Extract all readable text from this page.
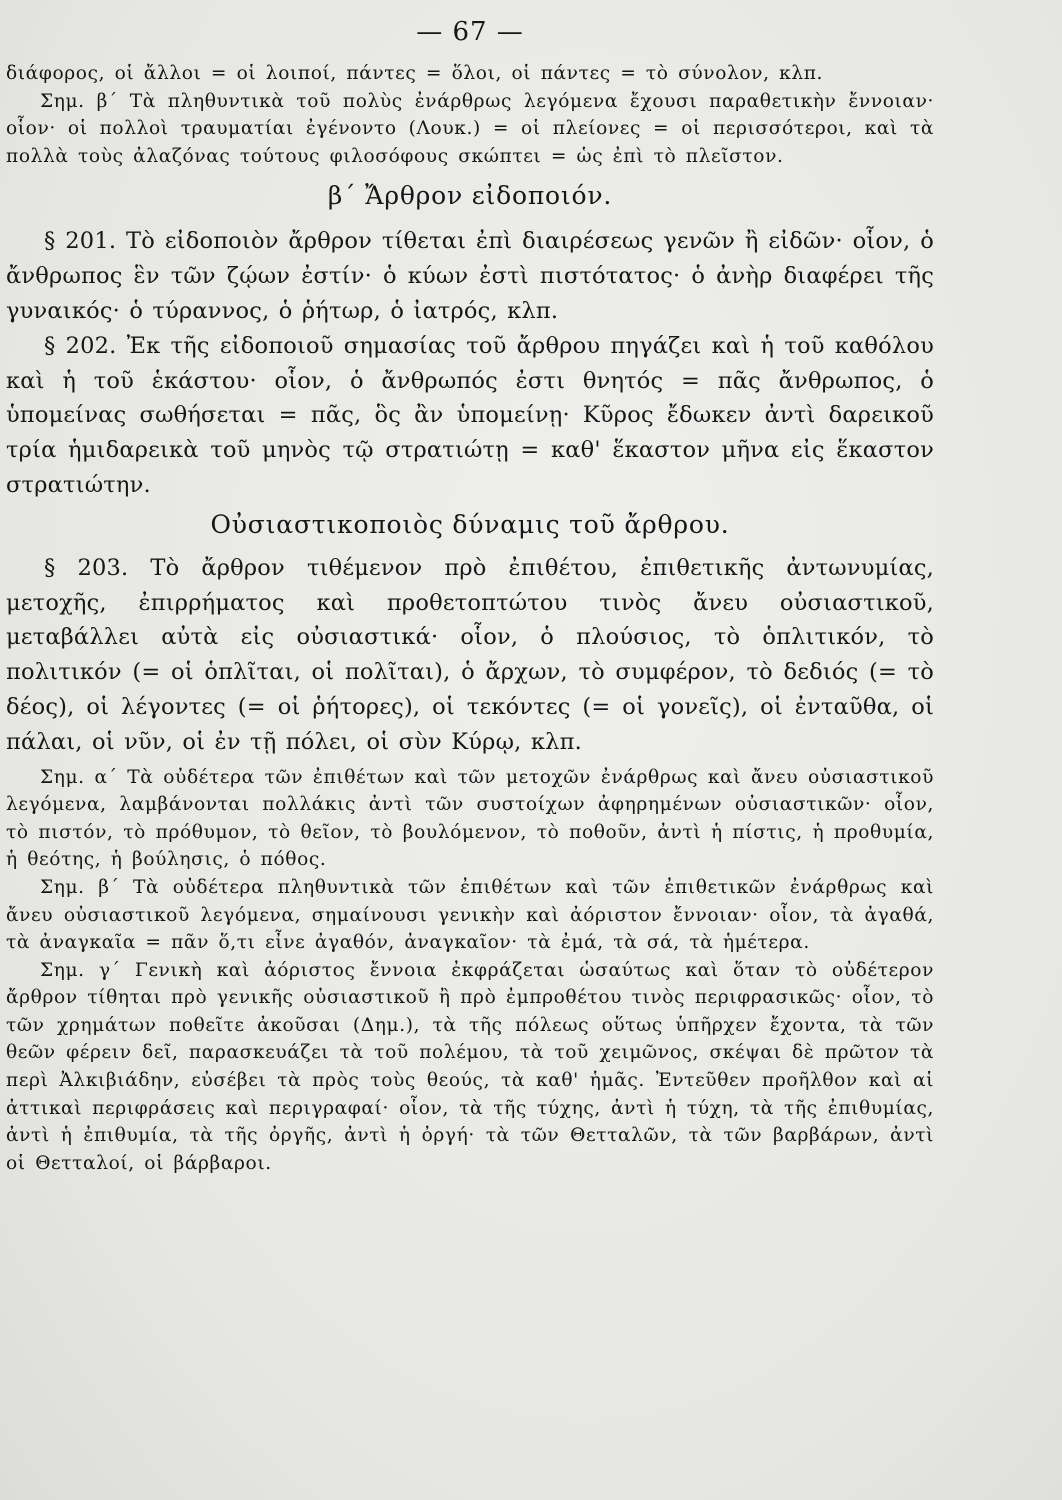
— 67 —

διάφορος, οἱ ἄλλοι = οἱ λοιποί, πάντες = ὅλοι, οἱ πάντες = τὸ σύνολον, κλπ.

Σημ. β´ Τὰ πληθυντικὰ τοῦ πολὺς ἐνάρθρως λεγόμενα ἔχουσι παραθετικὴν ἔννοιαν· οἷον· οἱ πολλοὶ τραυματίαι ἐγένοντο (Λουκ.) = οἱ πλείονες = οἱ περισσότεροι, καὶ τὰ πολλὰ τοὺς ἀλαζόνας τούτους φιλοσόφους σκώπτει = ὡς ἐπὶ τὸ πλεῖστον.

β´ Ἄρθρον εἰδοποιόν.

§ 201. Τὸ εἰδοποιὸν ἄρθρον τίθεται ἐπὶ διαιρέσεως γενῶν ἢ εἰδῶν· οἷον, ὁ ἄνθρωπος ἓν τῶν ζῴων ἐστίν· ὁ κύων ἐστὶ πιστότατος· ὁ ἀνὴρ διαφέρει τῆς γυναικός· ὁ τύραννος, ὁ ῥήτωρ, ὁ ἰατρός, κλπ.

§ 202. Ἐκ τῆς εἰδοποιοῦ σημασίας τοῦ ἄρθρου πηγάζει καὶ ἡ τοῦ καθόλου καὶ ἡ τοῦ ἑκάστου· οἷον, ὁ ἄνθρωπός ἐστι θνητός = πᾶς ἄνθρωπος, ὁ ὑπομείνας σωθήσεται = πᾶς, ὃς ἂν ὑπομείνῃ· Κῦρος ἔδωκεν ἀντὶ δαρεικοῦ τρία ἡμιδαρεικὰ τοῦ μηνὸς τῷ στρατιώτῃ = καθ' ἕκαστον μῆνα εἰς ἕκαστον στρατιώτην.

Οὐσιαστικοποιὸς δύναμις τοῦ ἄρθρου.

§ 203. Τὸ ἄρθρον τιθέμενον πρὸ ἐπιθέτου, ἐπιθετικῆς ἀντωνυμίας, μετοχῆς, ἐπιρρήματος καὶ προθετοπτώτου τινὸς ἄνευ οὐσιαστικοῦ, μεταβάλλει αὐτὰ εἰς οὐσιαστικά· οἷον, ὁ πλούσιος, τὸ ὁπλιτικόν, τὸ πολιτικόν (= οἱ ὁπλῖται, οἱ πολῖται), ὁ ἄρχων, τὸ συμφέρον, τὸ δεδιός (= τὸ δέος), οἱ λέγοντες (= οἱ ῥήτορες), οἱ τεκόντες (= οἱ γονεῖς), οἱ ἐνταῦθα, οἱ πάλαι, οἱ νῦν, οἱ ἐν τῇ πόλει, οἱ σὺν Κύρῳ, κλπ.

Σημ. α´ Τὰ οὐδέτερα τῶν ἐπιθέτων καὶ τῶν μετοχῶν ἐνάρθρως καὶ ἄνευ οὐσιαστικοῦ λεγόμενα, λαμβάνονται πολλάκις ἀντὶ τῶν συστοίχων ἀφηρημένων οὐσιαστικῶν· οἷον, τὸ πιστόν, τὸ πρόθυμον, τὸ θεῖον, τὸ βουλόμενον, τὸ ποθοῦν, ἀντὶ ἡ πίστις, ἡ προθυμία, ἡ θεότης, ἡ βούλησις, ὁ πόθος.

Σημ. β´ Τὰ οὐδέτερα πληθυντικὰ τῶν ἐπιθέτων καὶ τῶν ἐπιθετικῶν ἐνάρθρως καὶ ἄνευ οὐσιαστικοῦ λεγόμενα, σημαίνουσι γενικὴν καὶ ἀόριστον ἔννοιαν· οἷον, τὰ ἀγαθά, τὰ ἀναγκαῖα = πᾶν ὅ,τι εἶνε ἀγαθόν, ἀναγκαῖον· τὰ ἐμά, τὰ σά, τὰ ἡμέτερα.

Σημ. γ´ Γενικὴ καὶ ἀόριστος ἔννοια ἐκφράζεται ὡσαύτως καὶ ὅταν τὸ οὐδέτερον ἄρθρον τίθηται πρὸ γενικῆς οὐσιαστικοῦ ἢ πρὸ ἐμπροθέτου τινὸς περιφρασικῶς· οἷον, τὸ τῶν χρημάτων ποθεῖτε ἀκοῦσαι (Δημ.), τὰ τῆς πόλεως οὕτως ὑπῆρχεν ἔχοντα, τὰ τῶν θεῶν φέρειν δεῖ, παρασκευάζει τὰ τοῦ πολέμου, τὰ τοῦ χειμῶνος, σκέψαι δὲ πρῶτον τὰ περὶ Ἀλκιβιάδην, εὐσέβει τὰ πρὸς τοὺς θεούς, τὰ καθ' ἡμᾶς. Ἐντεῦθεν προῆλθον καὶ αἱ ἀττικαὶ περιφράσεις καὶ περιγραφαί· οἷον, τὰ τῆς τύχης, ἀντὶ ἡ τύχη, τὰ τῆς ἐπιθυμίας, ἀντὶ ἡ ἐπιθυμία, τὰ τῆς ὀργῆς, ἀντὶ ἡ ὀργή· τὰ τῶν Θετταλῶν, τὰ τῶν βαρβάρων, ἀντὶ οἱ Θετταλοί, οἱ βάρβαροι.
